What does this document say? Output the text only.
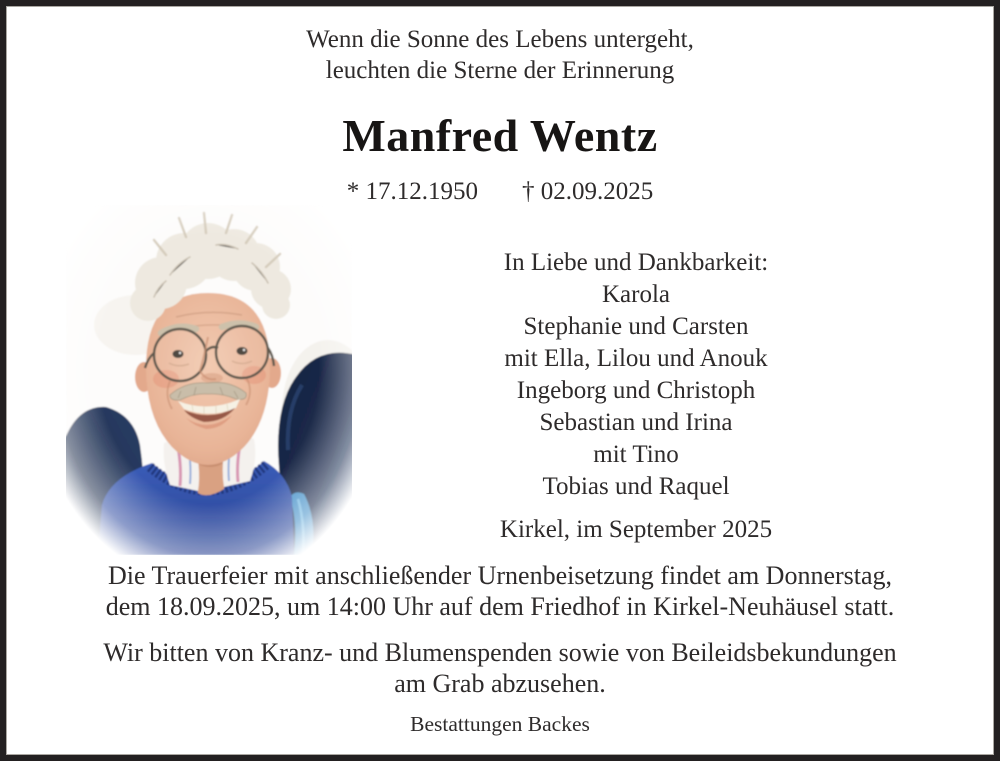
Wenn die Sonne des Lebens untergeht,
leuchten die Sterne der Erinnerung
Manfred Wentz
* 17.12.1950 † 02.09.2025
In Liebe und Dankbarkeit:
Karola
Stephanie und Carsten
mit Ella, Lilou und Anouk
Ingeborg und Christoph
Sebastian und Irina
mit Tino
Tobias und Raquel
Kirkel, im September 2025
Die Trauerfeier mit anschließender Urnenbeisetzung findet am Donnerstag,
dem 18.09.2025, um 14:00 Uhr auf dem Friedhof in Kirkel-Neuhäusel statt.
Wir bitten von Kranz- und Blumenspenden sowie von Beileidsbekundungen
am Grab abzusehen.
Bestattungen Backes
